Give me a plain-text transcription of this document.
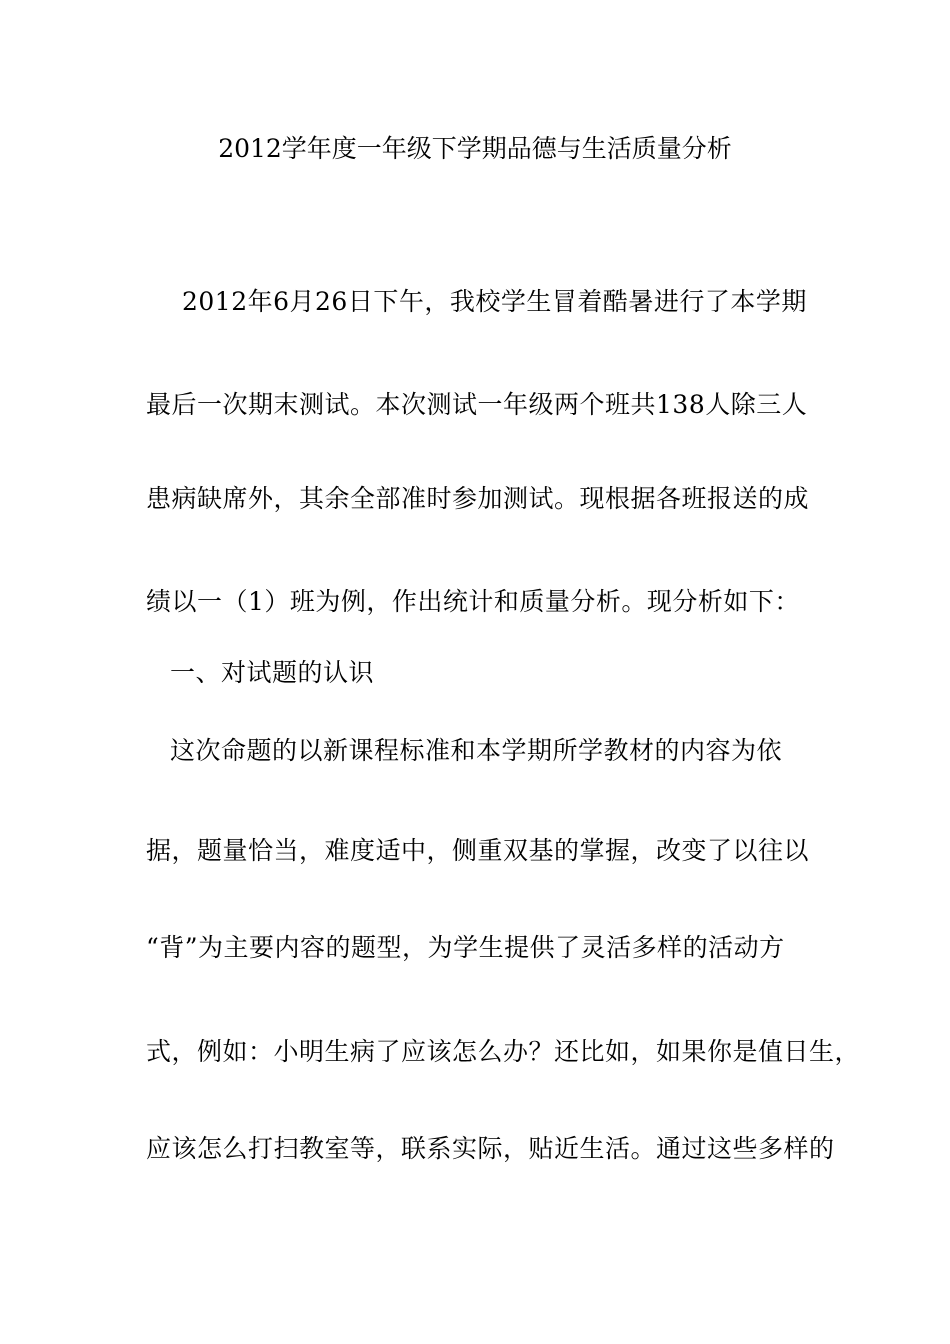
2012学年度一年级下学期品德与生活质量分析
2012年6月26日下午，我校学生冒着酷暑进行了本学期
最后一次期末测试。本次测试一年级两个班共138人除三人
患病缺席外，其余全部准时参加测试。现根据各班报送的成
绩以一（1）班为例，作出统计和质量分析。现分析如下：
一、对试题的认识
这次命题的以新课程标准和本学期所学教材的内容为依
据，题量恰当，难度适中，侧重双基的掌握，改变了以往以
“背”为主要内容的题型，为学生提供了灵活多样的活动方
式，例如：小明生病了应该怎么办？还比如，如果你是值日生，
应该怎么打扫教室等，联系实际，贴近生活。通过这些多样的
